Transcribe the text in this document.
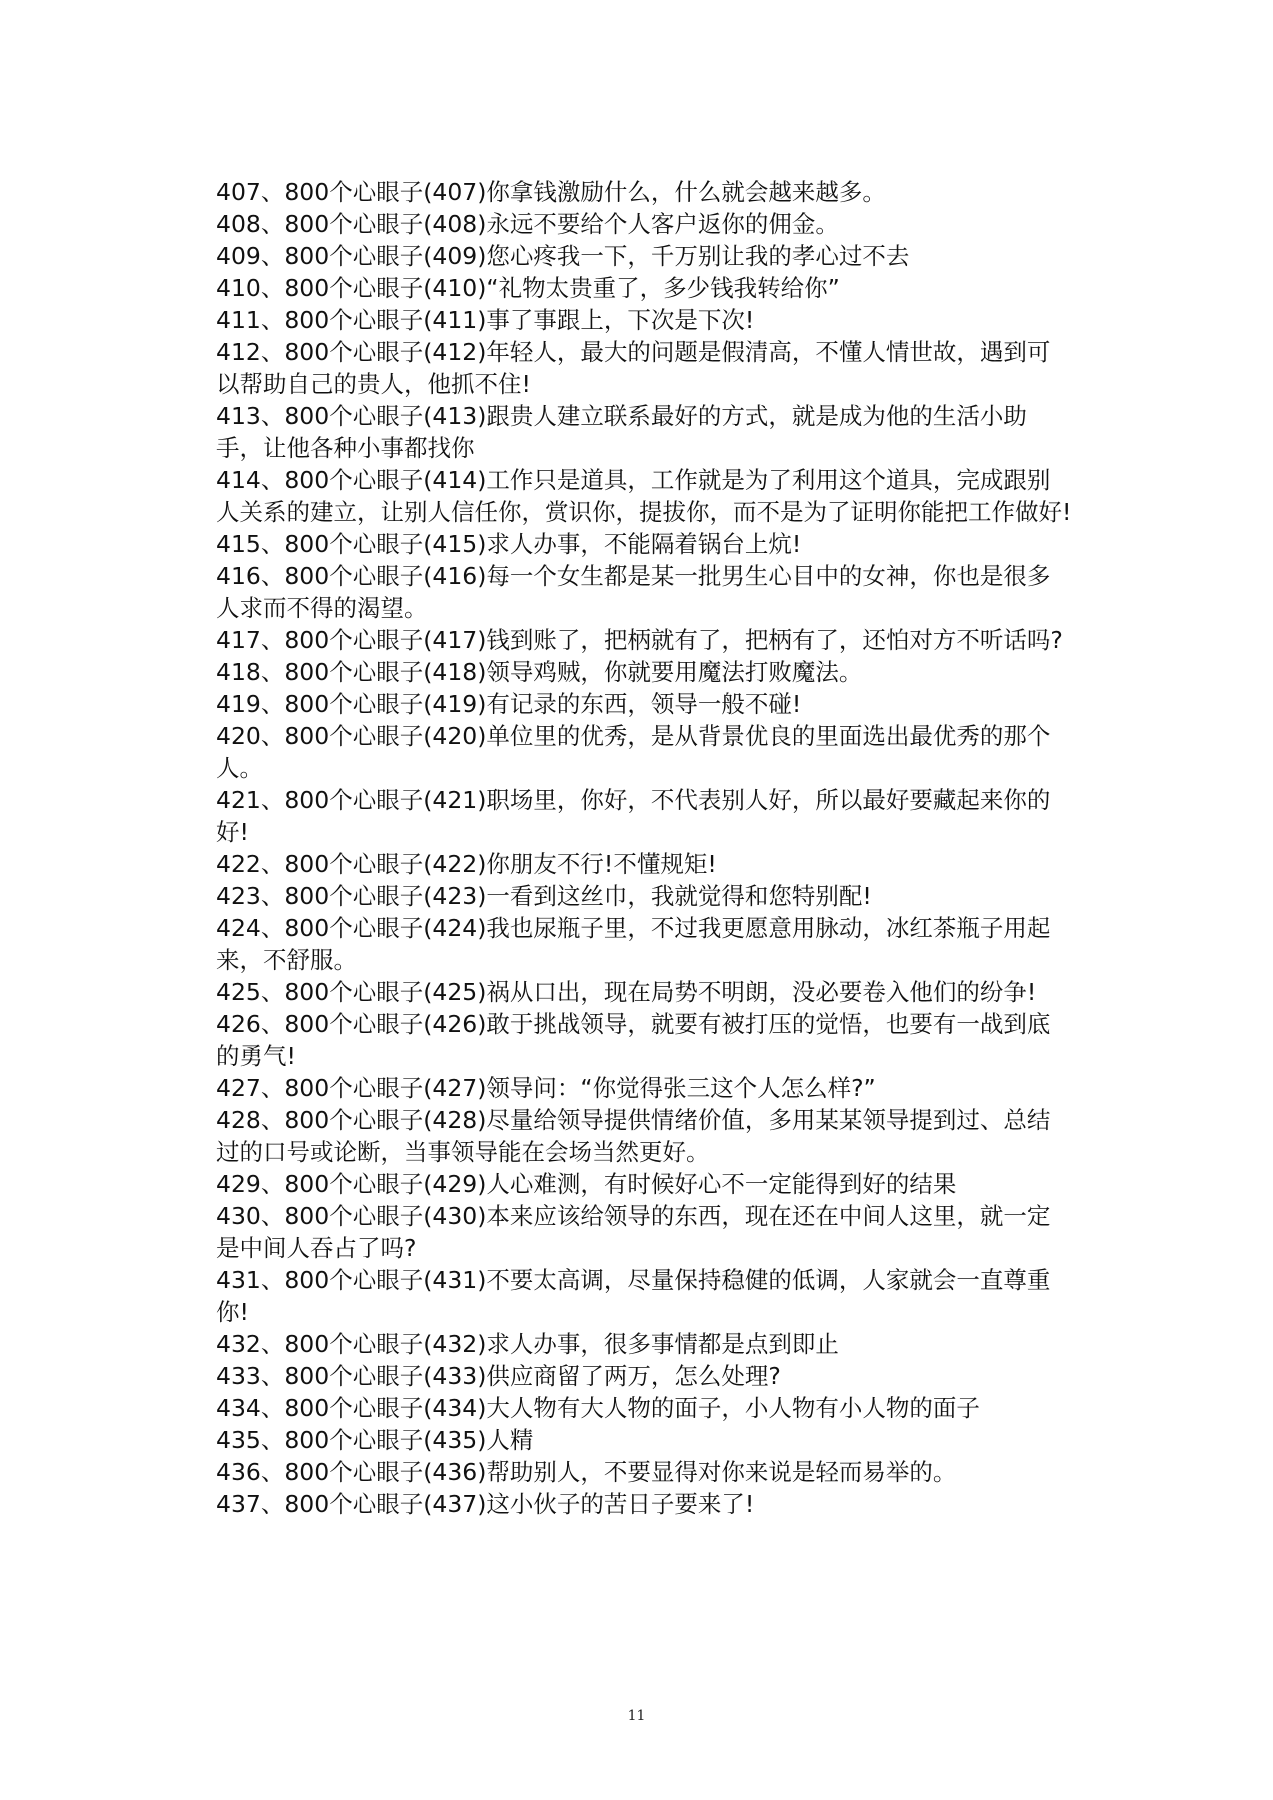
407、800个心眼子(407)你拿钱激励什么，什么就会越来越多。

408、800个心眼子(408)永远不要给个人客户返你的佣金。

409、800个心眼子(409)您心疼我一下，千万别让我的孝心过不去

410、800个心眼子(410)“礼物太贵重了，多少钱我转给你”

411、800个心眼子(411)事了事跟上，下次是下次!

412、800个心眼子(412)年轻人，最大的问题是假清高，不懂人情世故，遇到可以帮助自己的贵人，他抓不住!

413、800个心眼子(413)跟贵人建立联系最好的方式，就是成为他的生活小助手，让他各种小事都找你

414、800个心眼子(414)工作只是道具，工作就是为了利用这个道具，完成跟别人关系的建立，让别人信任你，赏识你，提拔你，而不是为了证明你能把工作做好!

415、800个心眼子(415)求人办事，不能隔着锅台上炕!

416、800个心眼子(416)每一个女生都是某一批男生心目中的女神，你也是很多人求而不得的渴望。

417、800个心眼子(417)钱到账了，把柄就有了，把柄有了，还怕对方不听话吗?

418、800个心眼子(418)领导鸡贼，你就要用魔法打败魔法。

419、800个心眼子(419)有记录的东西，领导一般不碰!

420、800个心眼子(420)单位里的优秀，是从背景优良的里面选出最优秀的那个人。

421、800个心眼子(421)职场里，你好，不代表别人好，所以最好要藏起来你的好!

422、800个心眼子(422)你朋友不行!不懂规矩!

423、800个心眼子(423)一看到这丝巾，我就觉得和您特别配!

424、800个心眼子(424)我也尿瓶子里，不过我更愿意用脉动，冰红茶瓶子用起来，不舒服。

425、800个心眼子(425)祸从口出，现在局势不明朗，没必要卷入他们的纷争!

426、800个心眼子(426)敢于挑战领导，就要有被打压的觉悟，也要有一战到底的勇气!

427、800个心眼子(427)领导问：“你觉得张三这个人怎么样?”

428、800个心眼子(428)尽量给领导提供情绪价值，多用某某领导提到过、总结过的口号或论断，当事领导能在会场当然更好。

429、800个心眼子(429)人心难测，有时候好心不一定能得到好的结果

430、800个心眼子(430)本来应该给领导的东西，现在还在中间人这里，就一定是中间人吞占了吗?

431、800个心眼子(431)不要太高调，尽量保持稳健的低调，人家就会一直尊重你!

432、800个心眼子(432)求人办事，很多事情都是点到即止

433、800个心眼子(433)供应商留了两万，怎么处理?

434、800个心眼子(434)大人物有大人物的面子，小人物有小人物的面子

435、800个心眼子(435)人精

436、800个心眼子(436)帮助别人，不要显得对你来说是轻而易举的。

437、800个心眼子(437)这小伙子的苦日子要来了!

11
